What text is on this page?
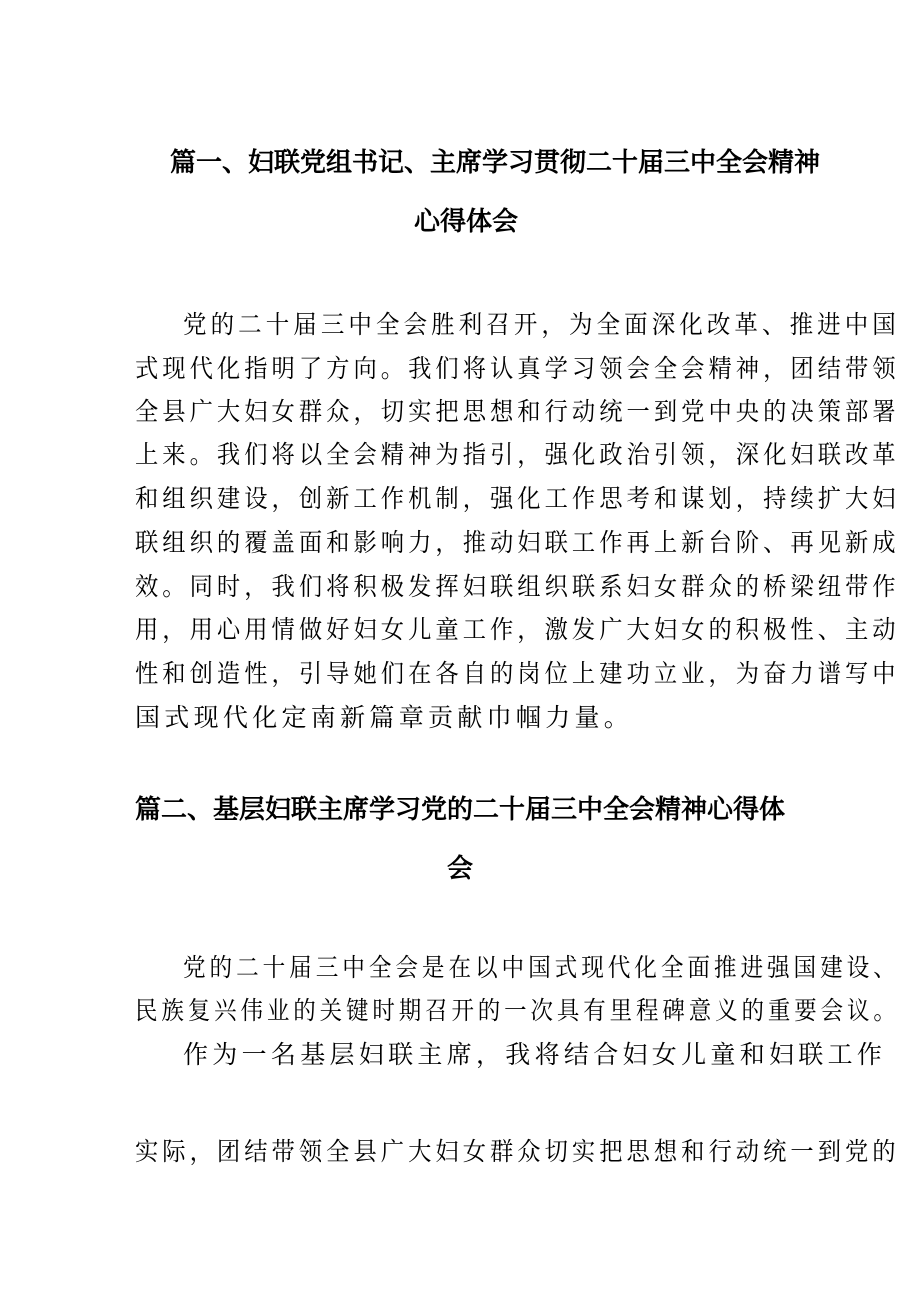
篇一、妇联党组书记、主席学习贯彻二十届三中全会精神
心得体会

党的二十届三中全会胜利召开，为全面深化改革、推进中国

式现代化指明了方向。我们将认真学习领会全会精神，团结带领

全县广大妇女群众，切实把思想和行动统一到党中央的决策部署

上来。我们将以全会精神为指引，强化政治引领，深化妇联改革

和组织建设，创新工作机制，强化工作思考和谋划，持续扩大妇

联组织的覆盖面和影响力，推动妇联工作再上新台阶、再见新成

效。同时，我们将积极发挥妇联组织联系妇女群众的桥梁纽带作

用，用心用情做好妇女儿童工作，激发广大妇女的积极性、主动

性和创造性，引导她们在各自的岗位上建功立业，为奋力谱写中

国式现代化定南新篇章贡献巾帼力量。

篇二、基层妇联主席学习党的二十届三中全会精神心得体
会

党的二十届三中全会是在以中国式现代化全面推进强国建设、

民族复兴伟业的关键时期召开的一次具有里程碑意义的重要会议。

作为一名基层妇联主席，我将结合妇女儿童和妇联工作

实际，团结带领全县广大妇女群众切实把思想和行动统一到党的
